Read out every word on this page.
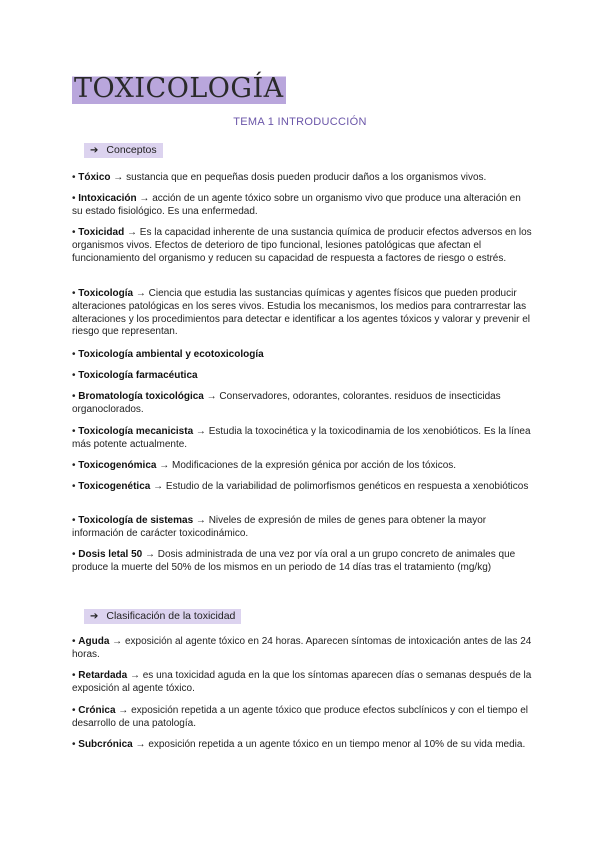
TOXICOLOGÍA
TEMA 1 INTRODUCCIÓN
➔ Conceptos

• Tóxico → sustancia que en pequeñas dosis pueden producir daños a los organismos vivos.

• Intoxicación → acción de un agente tóxico sobre un organismo vivo que produce una alteración en su estado fisiológico. Es una enfermedad.

• Toxicidad → Es la capacidad inherente de una sustancia química de producir efectos adversos en los organismos vivos. Efectos de deterioro de tipo funcional, lesiones patológicas que afectan el funcionamiento del organismo y reducen su capacidad de respuesta a factores de riesgo o estrés.

• Toxicología → Ciencia que estudia las sustancias químicas y agentes físicos que pueden producir alteraciones patológicas en los seres vivos. Estudia los mecanismos, los medios para contrarrestar las alteraciones y los procedimientos para detectar e identificar a los agentes tóxicos y valorar y prevenir el riesgo que representan.

• Toxicología ambiental y ecotoxicología

• Toxicología farmacéutica

• Bromatología toxicológica → Conservadores, odorantes, colorantes. residuos de insecticidas organoclorados.

• Toxicología mecanicista → Estudia la toxocinética y la toxicodinamia de los xenobióticos. Es la línea más potente actualmente.

• Toxicogenómica → Modificaciones de la expresión génica por acción de los tóxicos.

• Toxicogenética → Estudio de la variabilidad de polimorfismos genéticos en respuesta a xenobióticos

• Toxicología de sistemas → Niveles de expresión de miles de genes para obtener la mayor información de carácter toxicodinámico.

• Dosis letal 50 → Dosis administrada de una vez por vía oral a un grupo concreto de animales que produce la muerte del 50% de los mismos en un periodo de 14 días tras el tratamiento (mg/kg)

➔ Clasificación de la toxicidad

• Aguda → exposición al agente tóxico en 24 horas. Aparecen síntomas de intoxicación antes de las 24 horas.

• Retardada → es una toxicidad aguda en la que los síntomas aparecen días o semanas después de la exposición al agente tóxico.

• Crónica → exposición repetida a un agente tóxico que produce efectos subclínicos y con el tiempo el desarrollo de una patología.

• Subcrónica → exposición repetida a un agente tóxico en un tiempo menor al 10% de su vida media.
